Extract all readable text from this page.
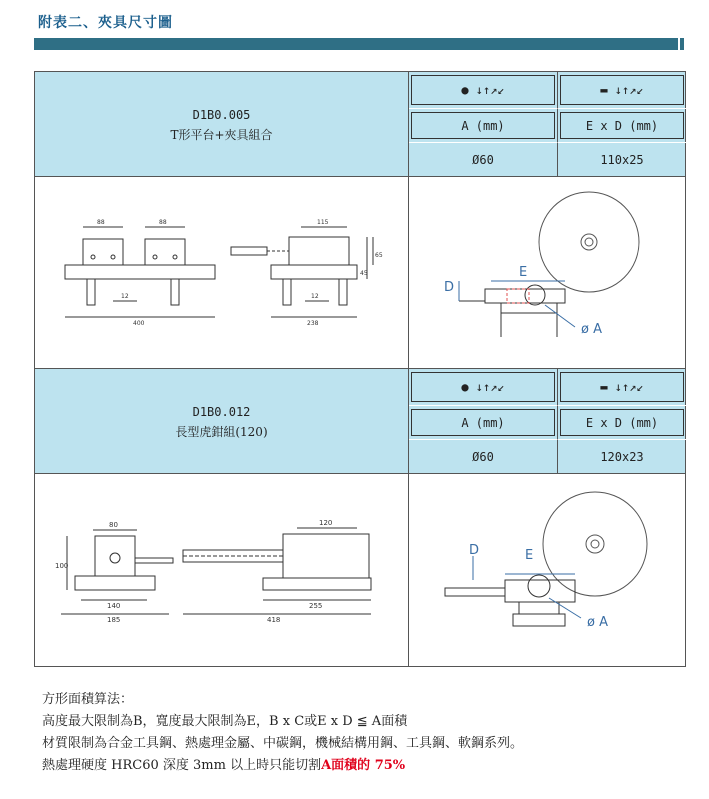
附表二、夾具尺寸圖
D1B0.005
T形平台+夾具組合
● ↓↑↗↙	▬ ↓↑↗↙
A (mm)	E x D (mm)
Ø60	110x25
88	88
12
400
115
12
238
45
65
D
E
ø A
D1B0.012
長型虎鉗組(120)
● ↓↑↗↙	▬ ↓↑↗↙
A (mm)	E x D (mm)
Ø60	120x23
80
100
140
185
120
255
418
D	E
ø A
方形面積算法：
高度最大限制為B，寬度最大限制為E，B x C或E x D ≦ A面積
材質限制為合金工具鋼、熱處理金屬、中碳鋼，機械結構用鋼、工具鋼、軟鋼系列。
熱處理硬度 HRC60 深度 3mm 以上時只能切割A面積的 75%
